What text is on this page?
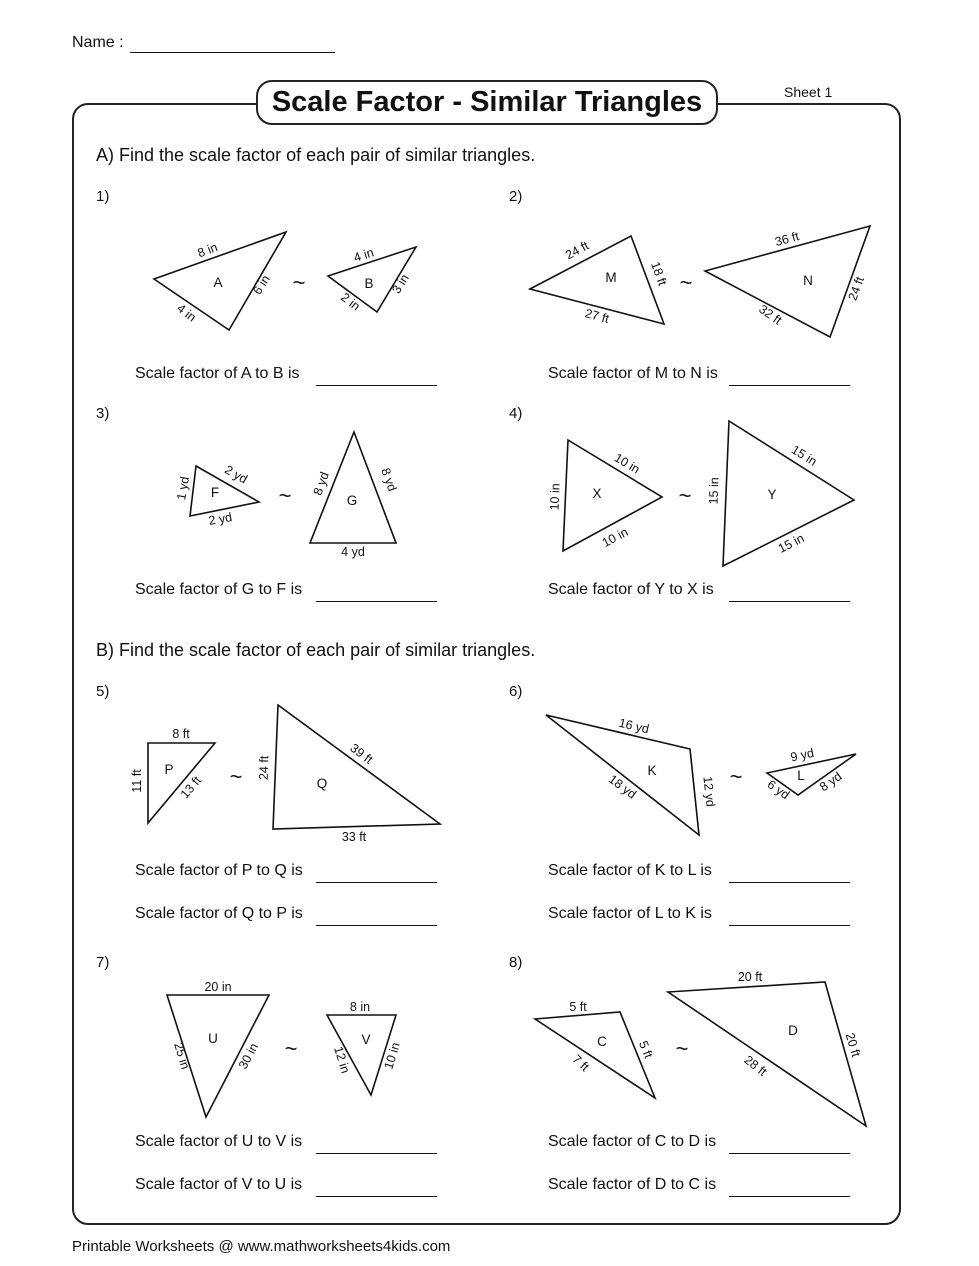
Name :
Scale Factor - Similar Triangles	Sheet 1
A) Find the scale factor of each pair of similar triangles.
B) Find the scale factor of each pair of similar triangles.
1)	2)
3)	4)
5)	6)
7)	8)
Scale factor of A to B is	Scale factor of M to N is
Scale factor of G to F is	Scale factor of Y to X is
Scale factor of P to Q is
Scale factor of Q to P is
Scale factor of K to L is
Scale factor of L to K is
Scale factor of U to V is
Scale factor of V to U is
Scale factor of C to D is
Scale factor of D to C is
Printable Worksheets @ www.mathworksheets4kids.com
A	B	M	N
F
G	X	Y
P
Q
K	L
U	V	C
D
~	~
~	~
~	~
~	~
8 in
6 in
4 in
4 in
3 in
2 in
24 ft
18 ft
27 ft
36 ft
24 ft
32 ft
1 yd
2 yd
2 yd
8 yd	8 yd
4 yd
10 in
10 in
10 in
15 in
15 in
15 in
8 ft
11 ft	13 ft
24 ft
39 ft
33 ft
16 yd
18 yd	12 yd
9 yd
6 yd 8 yd
20 in
25 in	30 in
8 in
12 in 10 in
5 ft
5 ft
7 ft
20 ft
20 ft
28 ft
